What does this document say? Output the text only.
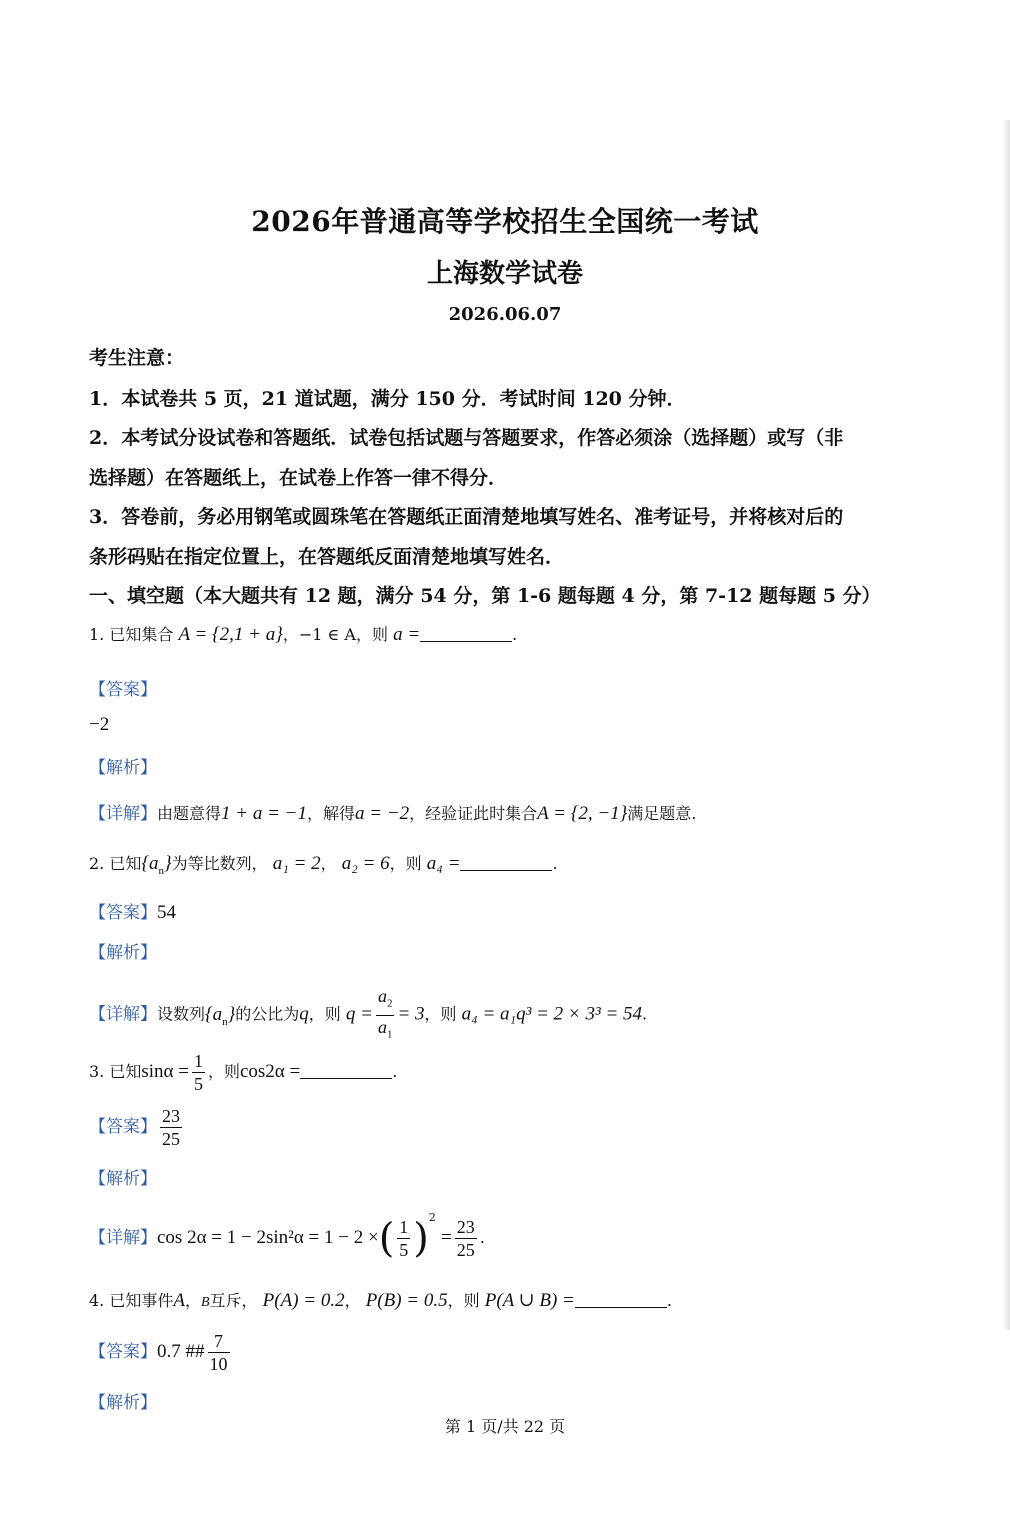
2026年普通高等学校招生全国统一考试
上海数学试卷
2026.06.07
考生注意：
1．本试卷共 5 页，21 道试题，满分 150 分．考试时间 120 分钟．
2．本考试分设试卷和答题纸．试卷包括试题与答题要求，作答必须涂（选择题）或写（非
选择题）在答题纸上，在试卷上作答一律不得分．
3．答卷前，务必用钢笔或圆珠笔在答题纸正面清楚地填写姓名、准考证号，并将核对后的
条形码贴在指定位置上，在答题纸反面清楚地填写姓名．
一、填空题（本大题共有 12 题，满分 54 分，第 1-6 题每题 4 分，第 7-12 题每题 5 分）
1. 已知集合 A = {2,1 + a}，−1 ∈ A，则 a =	.
【答案】
−2
【解析】
【详解】由题意得1 + a = −1，解得a = −2，经验证此时集合A = {2, −1}满足题意.
2. 已知$\{a_n\}$为等比数列， a₁ = 2， a₂ = 6，则 a₄ =	.
【答案】54
【解析】
【详解】设数列$\{a_n\}$的公比为q，则 $q = \frac{a_2}{a_1} = 3$，则 a₄ = a₁q³ = 2 × 3³ = 54.
3. 已知$\sin\alpha = \frac{1}{5}$ ，则cos2α =	.
【答案】 $\frac{23}{25}$
【解析】
【详解】cos 2α = 1 − 2sin²α = 1 − 2 ×( $\frac{1}{5} )^2 = \frac{23}{25}$ .
4. 已知事件A，B互斥， P(A) = 0.2， P(B) = 0.5，则 P(A ∪ B) =	.
【答案】0.7 ## $\frac{7}{10}$
【解析】
第 1 页/共 22 页
